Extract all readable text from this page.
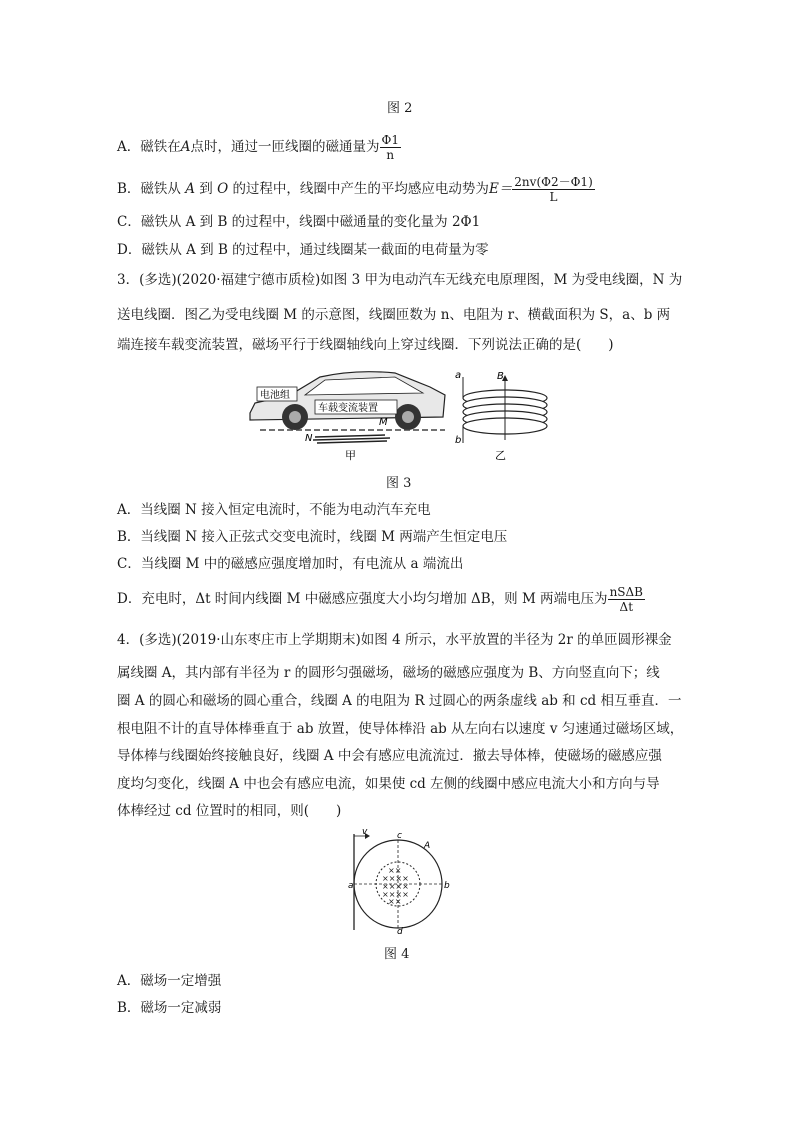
图 2
A．磁铁在A点时，通过一匝线圈的磁通量为 $\frac{\Phi 1}{n}$
B．磁铁从 A 到 O 的过程中，线圈中产生的平均感应电动势为$E= \frac{2nv(\Phi 2-\Phi 1)}{L}$
C．磁铁从 A 到 B 的过程中，线圈中磁通量的变化量为 2Φ1
D．磁铁从 A 到 B 的过程中，通过线圈某一截面的电荷量为零
3．(多选)(2020·福建宁德市质检)如图 3 甲为电动汽车无线充电原理图，M 为受电线圈，N 为
送电线圈．图乙为受电线圈 M 的示意图，线圈匝数为 n、电阻为 r、横截面积为 S，a、b 两
端连接车载变流装置，磁场平行于线圈轴线向上穿过线圈．下列说法正确的是(　　)
电池组
车载变流装置
M
N
甲
a
b
B
乙
图 3
A．当线圈 N 接入恒定电流时，不能为电动汽车充电
B．当线圈 N 接入正弦式交变电流时，线圈 M 两端产生恒定电压
C．当线圈 M 中的磁感应强度增加时，有电流从 a 端流出
D．充电时，Δt 时间内线圈 M 中磁感应强度大小均匀增加 ΔB，则 M 两端电压为 $\frac{\text{nSΔB}}{\Delta t}$
4．(多选)(2019·山东枣庄市上学期期末)如图 4 所示，水平放置的半径为 2r 的单匝圆形裸金
属线圈 A，其内部有半径为 r 的圆形匀强磁场，磁场的磁感应强度为 B、方向竖直向下；线
圈 A 的圆心和磁场的圆心重合，线圈 A 的电阻为 R 过圆心的两条虚线 ab 和 cd 相互垂直．一
根电阻不计的直导体棒垂直于 ab 放置，使导体棒沿 ab 从左向右以速度 v 匀速通过磁场区域，
导体棒与线圈始终接触良好，线圈 A 中会有感应电流流过．撤去导体棒，使磁场的磁感应强
度均匀变化，线圈 A 中也会有感应电流，如果使 cd 左侧的线圈中感应电流大小和方向与导
体棒经过 cd 位置时的相同，则(　　)
v
××
××××
××××
××××
××
c
A
a	b
d
图 4
A．磁场一定增强
B．磁场一定减弱
